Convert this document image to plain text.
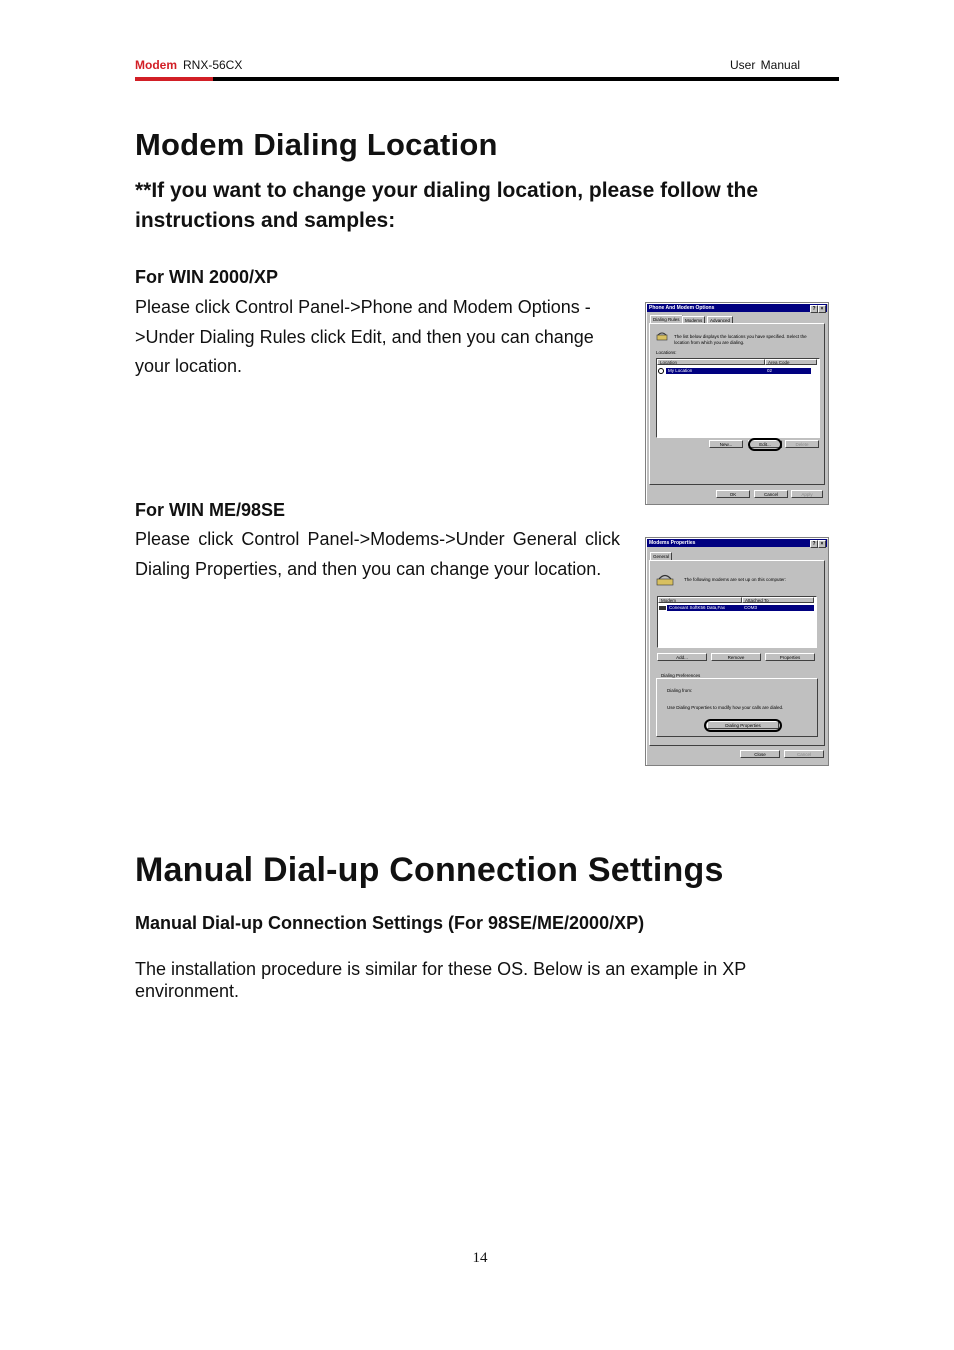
Modem RNX-56CX	User Manual
Modem Dialing Location
**If you want to change your dialing location, please follow the instructions and samples:
For WIN 2000/XP
Please click Control Panel->Phone and Modem Options ->Under Dialing Rules click Edit, and then you can change your location.
For WIN ME/98SE
Please click Control Panel->Modems->Under General click Dialing Properties, and then you can change your location.
Phone And Modem Options	?	×
Dialing Rules	Modems	Advanced
The list below displays the locations you have specified. Select the location from which you are dialing.
Locations:
Location	Area Code
My Location	02
New...	Edit...	Delete
OK	Cancel	Apply
Modems Properties	?	×
General
The following modems are set up on this computer:
Modem	Attached To
Conexant SoftK56 Data,Fax	COM3
Add...	Remove	Properties
Dialing Preferences
Dialing from:
Use Dialing Properties to modify how your calls are dialed.
Dialing Properties
Close	Cancel
Manual Dial-up Connection Settings
Manual Dial-up Connection Settings (For 98SE/ME/2000/XP)
The installation procedure is similar for these OS. Below is an example in XP environment.
14
